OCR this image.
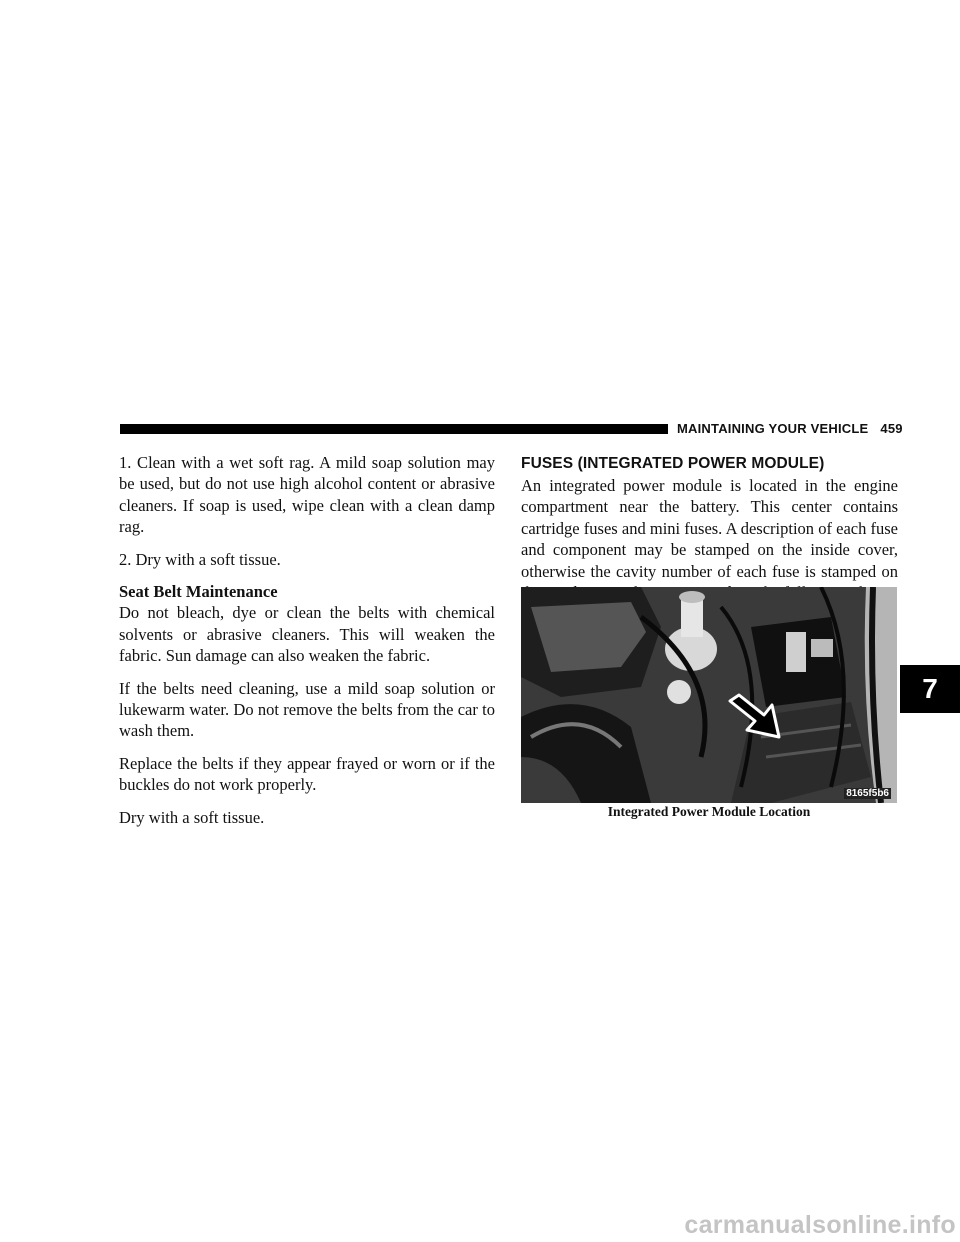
MAINTAINING YOUR VEHICLE 459

1. Clean with a wet soft rag. A mild soap solution may be used, but do not use high alcohol content or abrasive cleaners. If soap is used, wipe clean with a clean damp rag.

2. Dry with a soft tissue.

Seat Belt Maintenance

Do not bleach, dye or clean the belts with chemical solvents or abrasive cleaners. This will weaken the fabric. Sun damage can also weaken the fabric.

If the belts need cleaning, use a mild soap solution or lukewarm water. Do not remove the belts from the car to wash them.

Replace the belts if they appear frayed or worn or if the buckles do not work properly.

Dry with a soft tissue.

FUSES (INTEGRATED POWER MODULE)

An integrated power module is located in the engine compartment near the battery. This center contains cartridge fuses and mini fuses. A description of each fuse and component may be stamped on the inside cover, otherwise the cavity number of each fuse is stamped on

8165f5b6
Integrated Power Module Location
7
carmanualsonline.info
